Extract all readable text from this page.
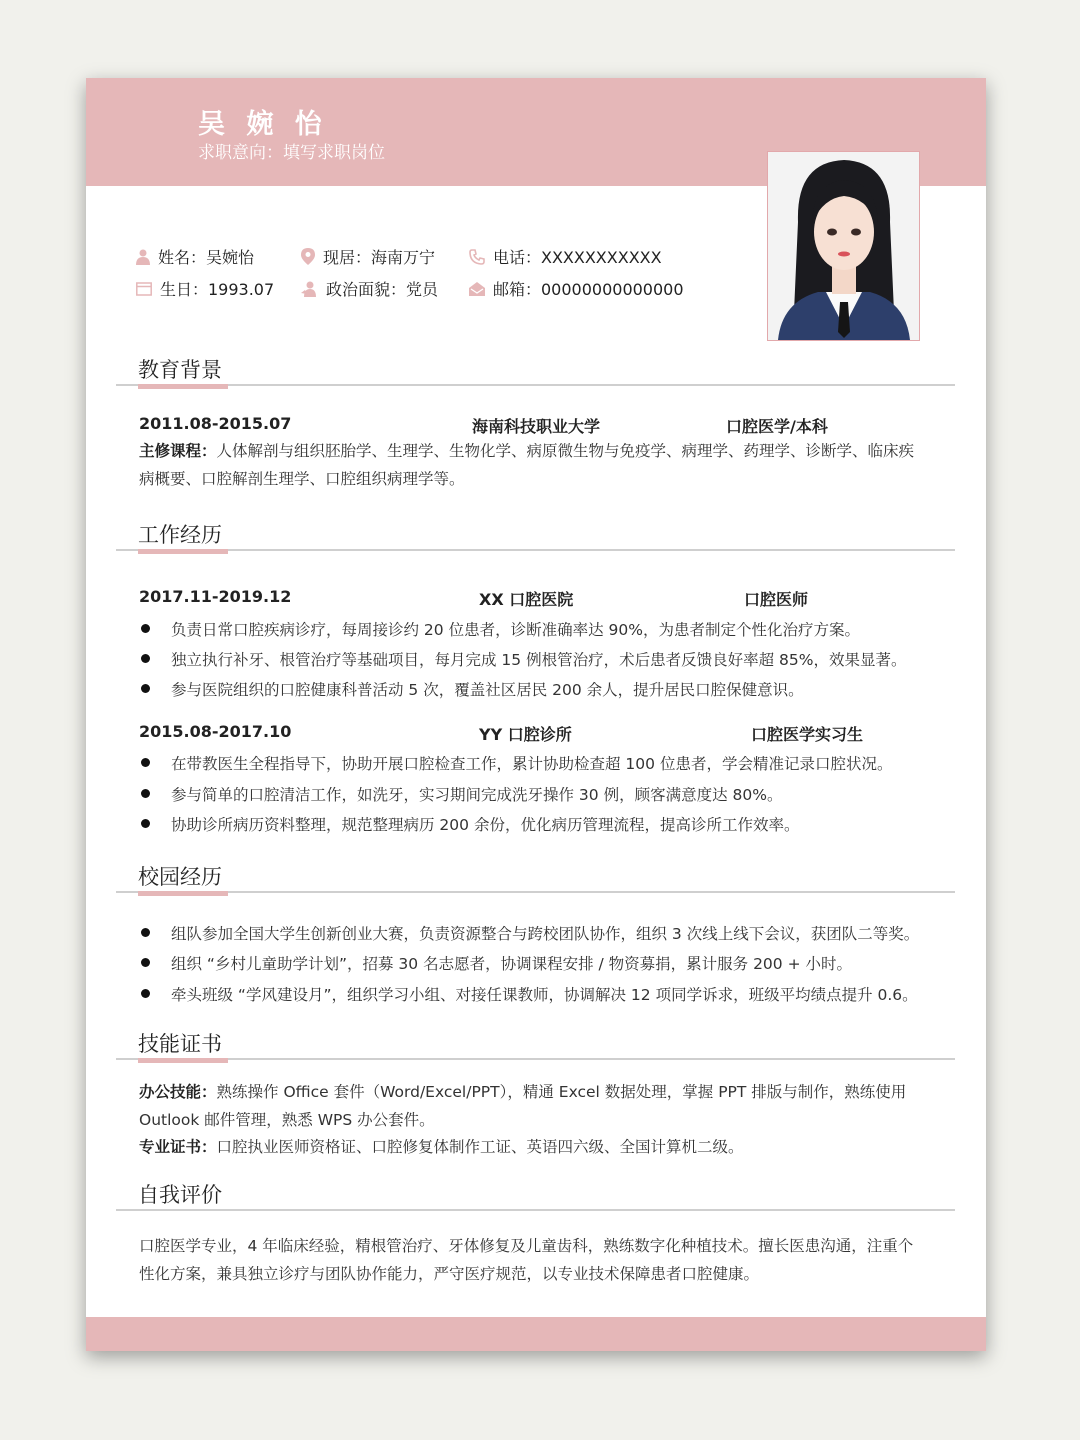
吴 婉 怡
求职意向：填写求职岗位
姓名：吴婉怡	现居：海南万宁	电话：XXXXXXXXXXX
生日：1993.07	政治面貌：党员	邮箱：00000000000000
教育背景
2011.08-2015.07	海南科技职业大学	口腔医学/本科
主修课程：人体解剖与组织胚胎学、生理学、生物化学、病原微生物与免疫学、病理学、药理学、诊断学、临床疾
病概要、口腔解剖生理学、口腔组织病理学等。
工作经历
2017.11-2019.12	XX 口腔医院	口腔医师
负责日常口腔疾病诊疗，每周接诊约 20 位患者，诊断准确率达 90%，为患者制定个性化治疗方案。
独立执行补牙、根管治疗等基础项目，每月完成 15 例根管治疗，术后患者反馈良好率超 85%，效果显著。
参与医院组织的口腔健康科普活动 5 次，覆盖社区居民 200 余人，提升居民口腔保健意识。
2015.08-2017.10	YY 口腔诊所	口腔医学实习生
在带教医生全程指导下，协助开展口腔检查工作，累计协助检查超 100 位患者，学会精准记录口腔状况。
参与简单的口腔清洁工作，如洗牙，实习期间完成洗牙操作 30 例，顾客满意度达 80%。
协助诊所病历资料整理，规范整理病历 200 余份，优化病历管理流程，提高诊所工作效率。
校园经历
组队参加全国大学生创新创业大赛，负责资源整合与跨校团队协作，组织 3 次线上线下会议，获团队二等奖。
组织 “乡村儿童助学计划”，招募 30 名志愿者，协调课程安排 / 物资募捐，累计服务 200 + 小时。
牵头班级 “学风建设月”，组织学习小组、对接任课教师，协调解决 12 项同学诉求，班级平均绩点提升 0.6。
技能证书
办公技能：熟练操作 Office 套件（Word/Excel/PPT），精通 Excel 数据处理，掌握 PPT 排版与制作，熟练使用
Outlook 邮件管理，熟悉 WPS 办公套件。
专业证书：口腔执业医师资格证、口腔修复体制作工证、英语四六级、全国计算机二级。
自我评价
口腔医学专业，4 年临床经验，精根管治疗、牙体修复及儿童齿科，熟练数字化种植技术。擅长医患沟通，注重个
性化方案，兼具独立诊疗与团队协作能力，严守医疗规范，以专业技术保障患者口腔健康。
